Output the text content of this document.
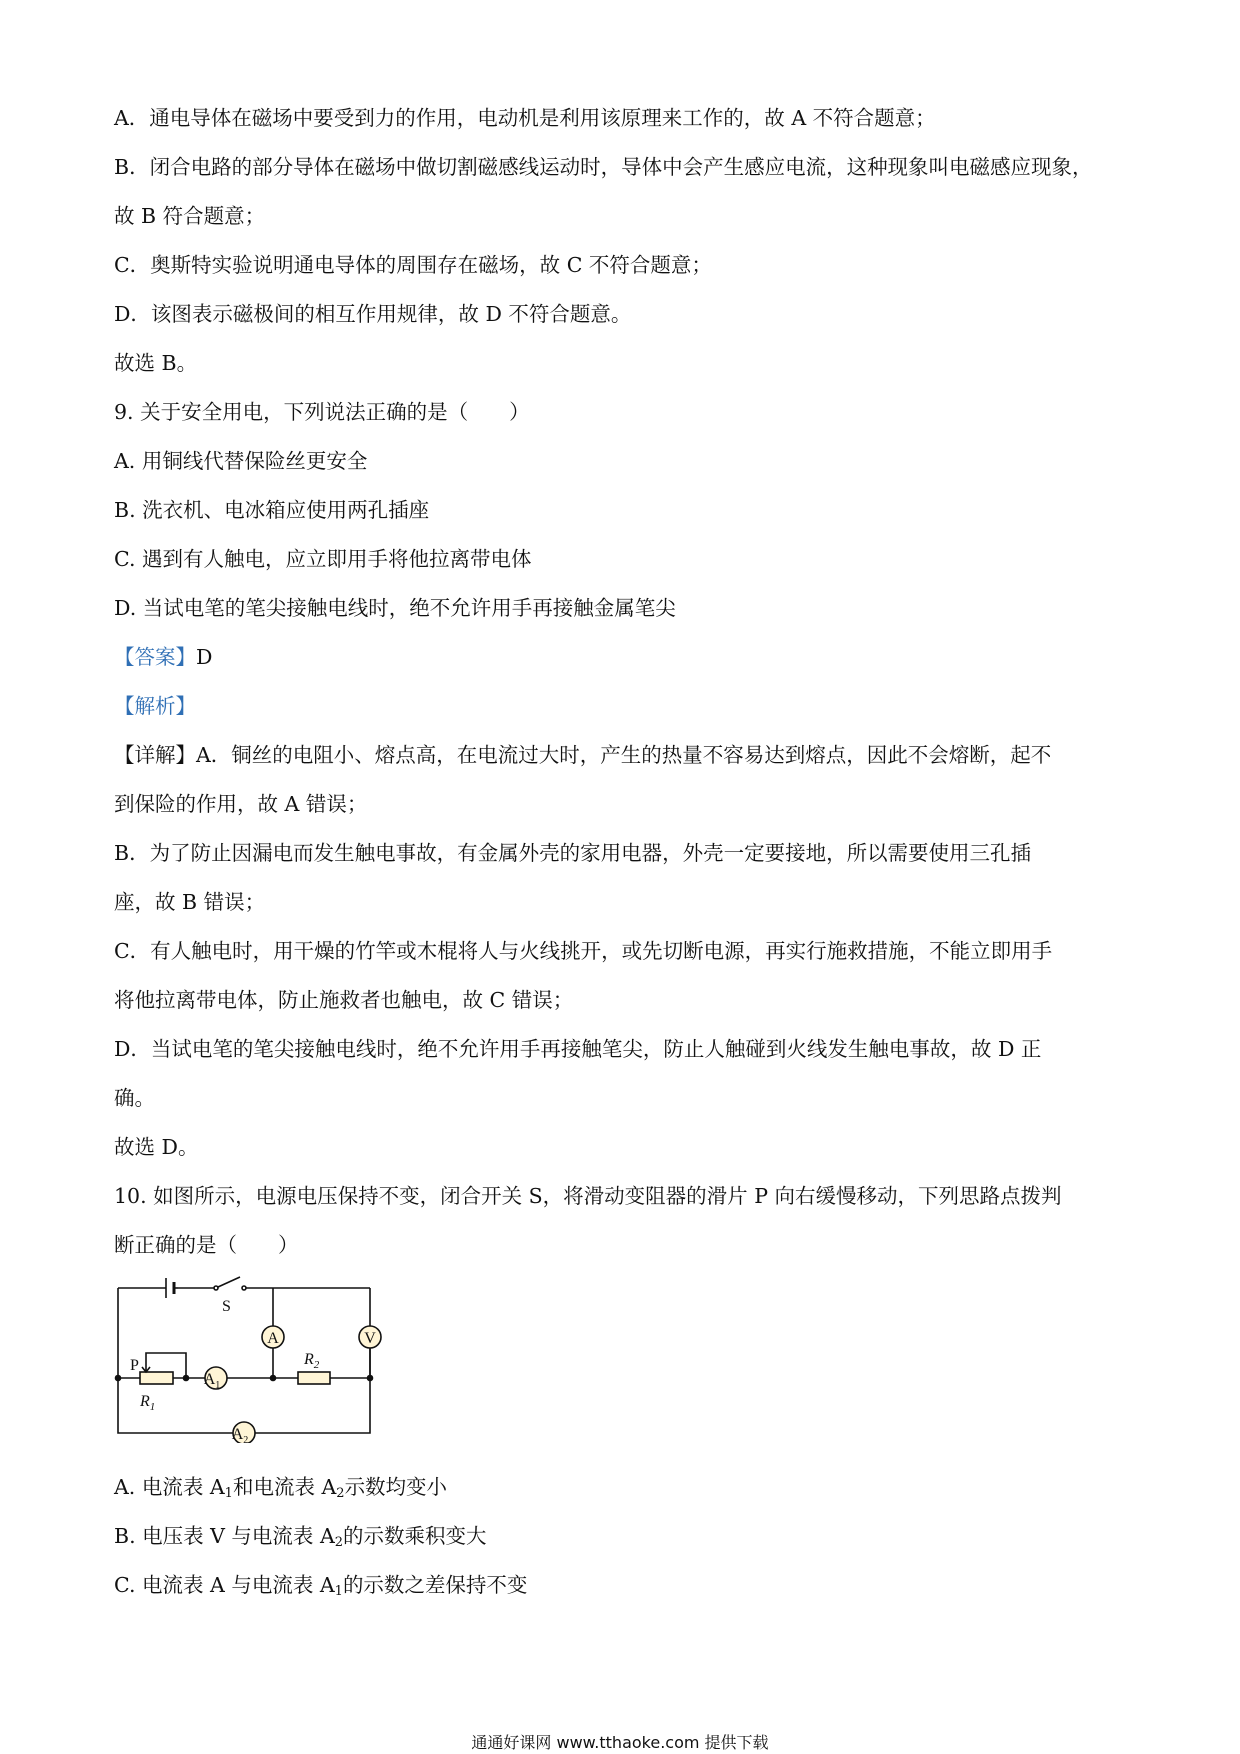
A．通电导体在磁场中要受到力的作用，电动机是利用该原理来工作的，故 A 不符合题意；
B．闭合电路的部分导体在磁场中做切割磁感线运动时，导体中会产生感应电流，这种现象叫电磁感应现象，
故 B 符合题意；
C．奥斯特实验说明通电导体的周围存在磁场，故 C 不符合题意；
D．该图表示磁极间的相互作用规律，故 D 不符合题意。
故选 B。
9. 关于安全用电，下列说法正确的是（　　）
A. 用铜线代替保险丝更安全
B. 洗衣机、电冰箱应使用两孔插座
C. 遇到有人触电，应立即用手将他拉离带电体
D. 当试电笔的笔尖接触电线时，绝不允许用手再接触金属笔尖
【答案】D
【解析】
【详解】A．铜丝的电阻小、熔点高，在电流过大时，产生的热量不容易达到熔点，因此不会熔断，起不
到保险的作用，故 A 错误；
B．为了防止因漏电而发生触电事故，有金属外壳的家用电器，外壳一定要接地，所以需要使用三孔插
座，故 B 错误；
C．有人触电时，用干燥的竹竿或木棍将人与火线挑开，或先切断电源，再实行施救措施，不能立即用手
将他拉离带电体，防止施救者也触电，故 C 错误；
D．当试电笔的笔尖接触电线时，绝不允许用手再接触笔尖，防止人触碰到火线发生触电事故，故 D 正
确。
故选 D。
10. 如图所示，电源电压保持不变，闭合开关 S，将滑动变阻器的滑片 P 向右缓慢移动，下列思路点拨判
断正确的是（　　）
S
A	V
P
$R_1$
$A_1$
$R_2$
$A_2$
A. 电流表 $A_1$和电流表 $A_2$示数均变小
B. 电压表 V 与电流表 $A_2$的示数乘积变大
C. 电流表 A 与电流表 $A_1$的示数之差保持不变
通通好课网 www.tthaoke.com 提供下载
